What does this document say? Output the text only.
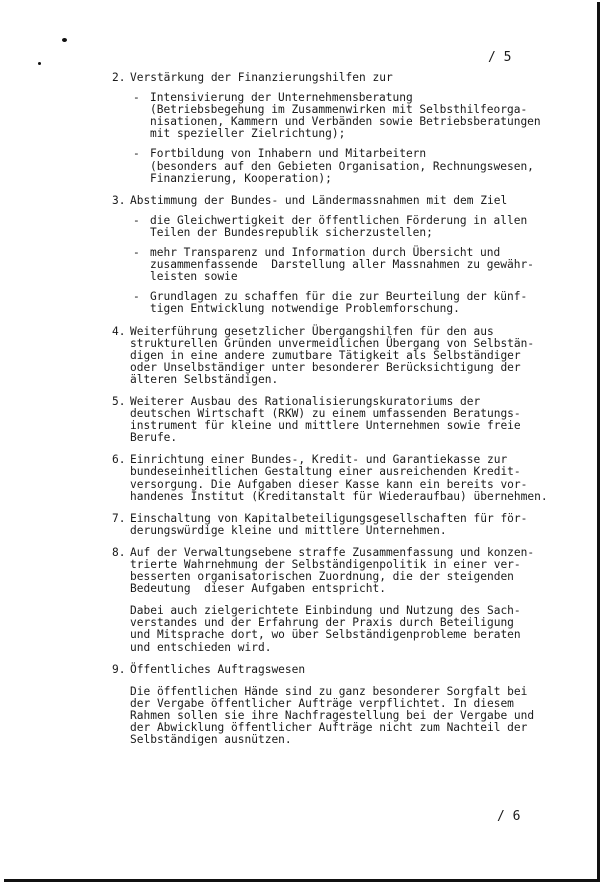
/ 5
2. Verstärkung der Finanzierungshilfen zur
- Intensivierung der Unternehmensberatung
(Betriebsbegehung im Zusammenwirken mit Selbsthilfeorga-
nisationen, Kammern und Verbänden sowie Betriebsberatungen
mit spezieller Zielrichtung);
- Fortbildung von Inhabern und Mitarbeitern
(besonders auf den Gebieten Organisation, Rechnungswesen,
Finanzierung, Kooperation);
3. Abstimmung der Bundes- und Ländermassnahmen mit dem Ziel
- die Gleichwertigkeit der öffentlichen Förderung in allen
Teilen der Bundesrepublik sicherzustellen;
- mehr Transparenz und Information durch Übersicht und
zusammenfassende  Darstellung aller Massnahmen zu gewähr-
leisten sowie
- Grundlagen zu schaffen für die zur Beurteilung der künf-
tigen Entwicklung notwendige Problemforschung.
4. Weiterführung gesetzlicher Übergangshilfen für den aus
strukturellen Gründen unvermeidlichen Übergang von Selbstän-
digen in eine andere zumutbare Tätigkeit als Selbständiger
oder Unselbständiger unter besonderer Berücksichtigung der
älteren Selbständigen.
5. Weiterer Ausbau des Rationalisierungskuratoriums der
deutschen Wirtschaft (RKW) zu einem umfassenden Beratungs-
instrument für kleine und mittlere Unternehmen sowie freie
Berufe.
6. Einrichtung einer Bundes-, Kredit- und Garantiekasse zur
bundeseinheitlichen Gestaltung einer ausreichenden Kredit-
versorgung. Die Aufgaben dieser Kasse kann ein bereits vor-
handenes Institut (Kreditanstalt für Wiederaufbau) übernehmen.
7. Einschaltung von Kapitalbeteiligungsgesellschaften für för-
derungswürdige kleine und mittlere Unternehmen.
8. Auf der Verwaltungsebene straffe Zusammenfassung und konzen-
trierte Wahrnehmung der Selbständigenpolitik in einer ver-
besserten organisatorischen Zuordnung, die der steigenden
Bedeutung  dieser Aufgaben entspricht.
Dabei auch zielgerichtete Einbindung und Nutzung des Sach-
verstandes und der Erfahrung der Praxis durch Beteiligung
und Mitsprache dort, wo über Selbständigenprobleme beraten
und entschieden wird.
9. Öffentliches Auftragswesen
Die öffentlichen Hände sind zu ganz besonderer Sorgfalt bei
der Vergabe öffentlicher Aufträge verpflichtet. In diesem
Rahmen sollen sie ihre Nachfragestellung bei der Vergabe und
der Abwicklung öffentlicher Aufträge nicht zum Nachteil der
Selbständigen ausnützen.
/ 6
